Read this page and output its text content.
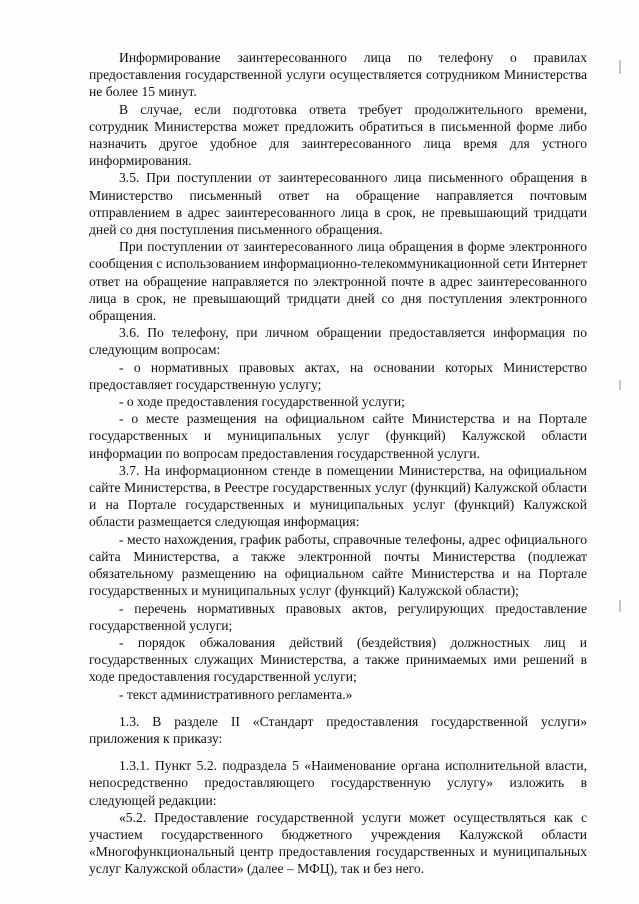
Информирование заинтересованного лица по телефону о правилах предоставления государственной услуги осуществляется сотрудником Министерства не более 15 минут.

В случае, если подготовка ответа требует продолжительного времени, сотрудник Министерства может предложить обратиться в письменной форме либо назначить другое удобное для заинтересованного лица время для устного информирования.

3.5. При поступлении от заинтересованного лица письменного обращения в Министерство письменный ответ на обращение направляется почтовым отправлением в адрес заинтересованного лица в срок, не превышающий тридцати дней со дня поступления письменного обращения.

При поступлении от заинтересованного лица обращения в форме электронного сообщения с использованием информационно-телекоммуникационной сети Интернет ответ на обращение направляется по электронной почте в адрес заинтересованного лица в срок, не превышающий тридцати дней со дня поступления электронного обращения.

3.6. По телефону, при личном обращении предоставляется информация по следующим вопросам:

- о нормативных правовых актах, на основании которых Министерство предоставляет государственную услугу;

- о ходе предоставления государственной услуги;

- о месте размещения на официальном сайте Министерства и на Портале государственных и муниципальных услуг (функций) Калужской области информации по вопросам предоставления государственной услуги.

3.7. На информационном стенде в помещении Министерства, на официальном сайте Министерства, в Реестре государственных услуг (функций) Калужской области и на Портале государственных и муниципальных услуг (функций) Калужской области размещается следующая информация:

- место нахождения, график работы, справочные телефоны, адрес официального сайта Министерства, а также электронной почты Министерства (подлежат обязательному размещению на официальном сайте Министерства и на Портале государственных и муниципальных услуг (функций) Калужской области);

- перечень нормативных правовых актов, регулирующих предоставление государственной услуги;

- порядок обжалования действий (бездействия) должностных лиц и государственных служащих Министерства, а также принимаемых ими решений в ходе предоставления государственной услуги;

- текст административного регламента.»

1.3. В разделе II «Стандарт предоставления государственной услуги» приложения к приказу:

1.3.1. Пункт 5.2. подраздела 5 «Наименование органа исполнительной власти, непосредственно предоставляющего государственную услугу» изложить в следующей редакции:

«5.2. Предоставление государственной услуги может осуществляться как с участием государственного бюджетного учреждения Калужской области «Многофункциональный центр предоставления государственных и муниципальных услуг Калужской области» (далее – МФЦ), так и без него.
